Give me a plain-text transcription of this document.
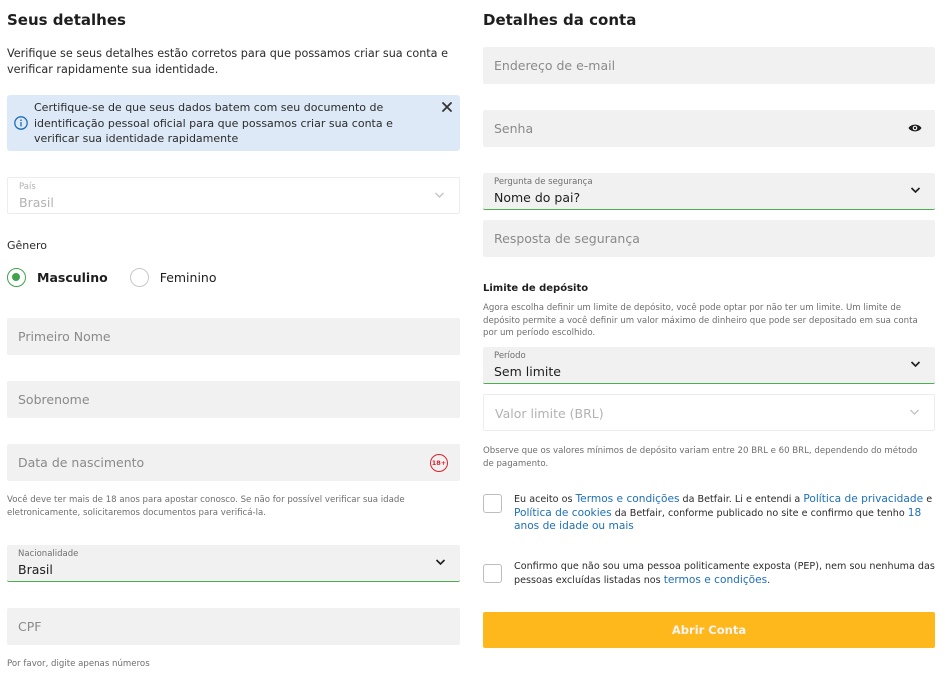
Seus detalhes

Verifique se seus detalhes estão corretos para que possamos criar sua conta e verificar rapidamente sua identidade.

Certifique-se de que seus dados batem com seu documento de identificação pessoal oficial para que possamos criar sua conta e verificar sua identidade rapidamente
País
Brasil
Gênero
Masculino	Feminino
Primeiro Nome
Sobrenome
Data de nascimento	18+

Você deve ter mais de 18 anos para apostar conosco. Se não for possível verificar sua idade eletronicamente, solicitaremos documentos para verificá-la.

Nacionalidade
Brasil
CPF

Por favor, digite apenas números

Detalhes da conta
Endereço de e-mail
Senha
Pergunta de segurança
Nome do pai?
Resposta de segurança
Limite de depósito

Agora escolha definir um limite de depósito, você pode optar por não ter um limite. Um limite de depósito permite a você definir um valor máximo de dinheiro que pode ser depositado em sua conta por um período escolhido.

Período
Sem limite
Valor limite (BRL)

Observe que os valores mínimos de depósito variam entre 20 BRL e 60 BRL, dependendo do método de pagamento.

Eu aceito os Termos e condições da Betfair. Li e entendi a Política de privacidade e Política de cookies da Betfair, conforme publicado no site e confirmo que tenho 18 anos de idade ou mais
Confirmo que não sou uma pessoa politicamente exposta (PEP), nem sou nenhuma das pessoas excluídas listadas nos termos e condições.
Abrir Conta
